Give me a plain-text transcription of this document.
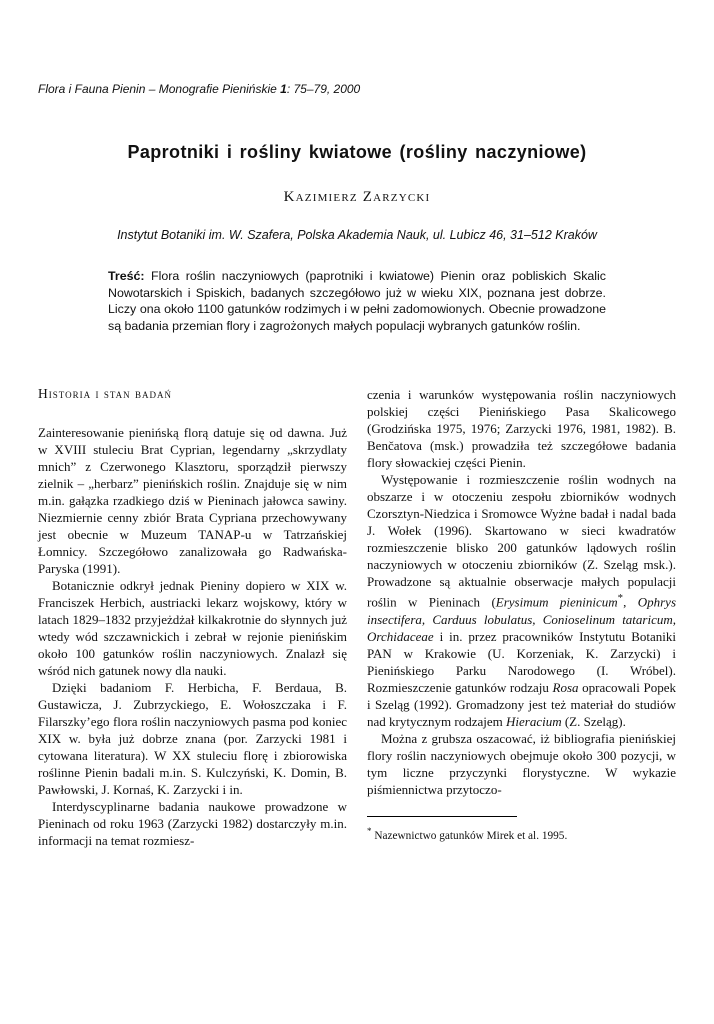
Flora i Fauna Pienin – Monografie Pienińskie 1: 75–79, 2000
Paprotniki i rośliny kwiatowe (rośliny naczyniowe)
Kazimierz Zarzycki
Instytut Botaniki im. W. Szafera, Polska Akademia Nauk, ul. Lubicz 46, 31–512 Kraków
Treść: Flora roślin naczyniowych (paprotniki i kwiatowe) Pienin oraz pobliskich Skalic Nowotarskich i Spiskich, badanych szczegółowo już w wieku XIX, poznana jest dobrze. Liczy ona około 1100 gatunków rodzimych i w pełni zadomowionych. Obecnie prowadzone są badania przemian flory i zagrożonych małych populacji wybranych gatunków roślin.
Historia i stan badań

Zainteresowanie pienińską florą datuje się od dawna. Już w XVIII stuleciu Brat Cyprian, legendarny „skrzydlaty mnich” z Czerwonego Klasztoru, sporządził pierwszy zielnik – „herbarz” pienińskich roślin. Znajduje się w nim m.in. gałązka rzadkiego dziś w Pieninach jałowca sawiny. Niezmiernie cenny zbiór Brata Cypriana przechowywany jest obecnie w Muzeum TANAP-u w Tatrzańskiej Łomnicy. Szczegółowo zanalizowała go Radwańska-Paryska (1991).

Botanicznie odkrył jednak Pieniny dopiero w XIX w. Franciszek Herbich, austriacki lekarz wojskowy, który w latach 1829–1832 przyjeżdżał kilkakrotnie do słynnych już wtedy wód szczawnickich i zebrał w rejonie pienińskim około 100 gatunków roślin naczyniowych. Znalazł się wśród nich gatunek nowy dla nauki.

Dzięki badaniom F. Herbicha, F. Berdaua, B. Gustawicza, J. Zubrzyckiego, E. Wołoszczaka i F. Filarszky’ego flora roślin naczyniowych pasma pod koniec XIX w. była już dobrze znana (por. Zarzycki 1981 i cytowana literatura). W XX stuleciu florę i zbiorowiska roślinne Pienin badali m.in. S. Kulczyński, K. Domin, B. Pawłowski, J. Kornaś, K. Zarzycki i in.

Interdyscyplinarne badania naukowe prowadzone w Pieninach od roku 1963 (Zarzycki 1982) dostarczyły m.in. informacji na temat rozmiesz-

czenia i warunków występowania roślin naczyniowych polskiej części Pienińskiego Pasa Skalicowego (Grodzińska 1975, 1976; Zarzycki 1976, 1981, 1982). B. Benčatova (msk.) prowadziła też szczegółowe badania flory słowackiej części Pienin.

Występowanie i rozmieszczenie roślin wodnych na obszarze i w otoczeniu zespołu zbiorników wodnych Czorsztyn-Niedzica i Sromowce Wyżne badał i nadal bada J. Wołek (1996). Skartowano w sieci kwadratów rozmieszczenie blisko 200 gatunków lądowych roślin naczyniowych w otoczeniu zbiorników (Z. Szeląg msk.). Prowadzone są aktualnie obserwacje małych populacji roślin w Pieninach (Erysimum pieninicum*, Ophrys insectifera, Carduus lobulatus, Conioselinum tataricum, Orchidaceae i in. przez pracowników Instytutu Botaniki PAN w Krakowie (U. Korzeniak, K. Zarzycki) i Pienińskiego Parku Narodowego (I. Wróbel). Rozmieszczenie gatunków rodzaju Rosa opracowali Popek i Szeląg (1992). Gromadzony jest też materiał do studiów nad krytycznym rodzajem Hieracium (Z. Szeląg).

Można z grubsza oszacować, iż bibliografia pienińskiej flory roślin naczyniowych obejmuje około 300 pozycji, w tym liczne przyczynki florystyczne. W wykazie piśmiennictwa przytoczo-

* Nazewnictwo gatunków Mirek et al. 1995.
